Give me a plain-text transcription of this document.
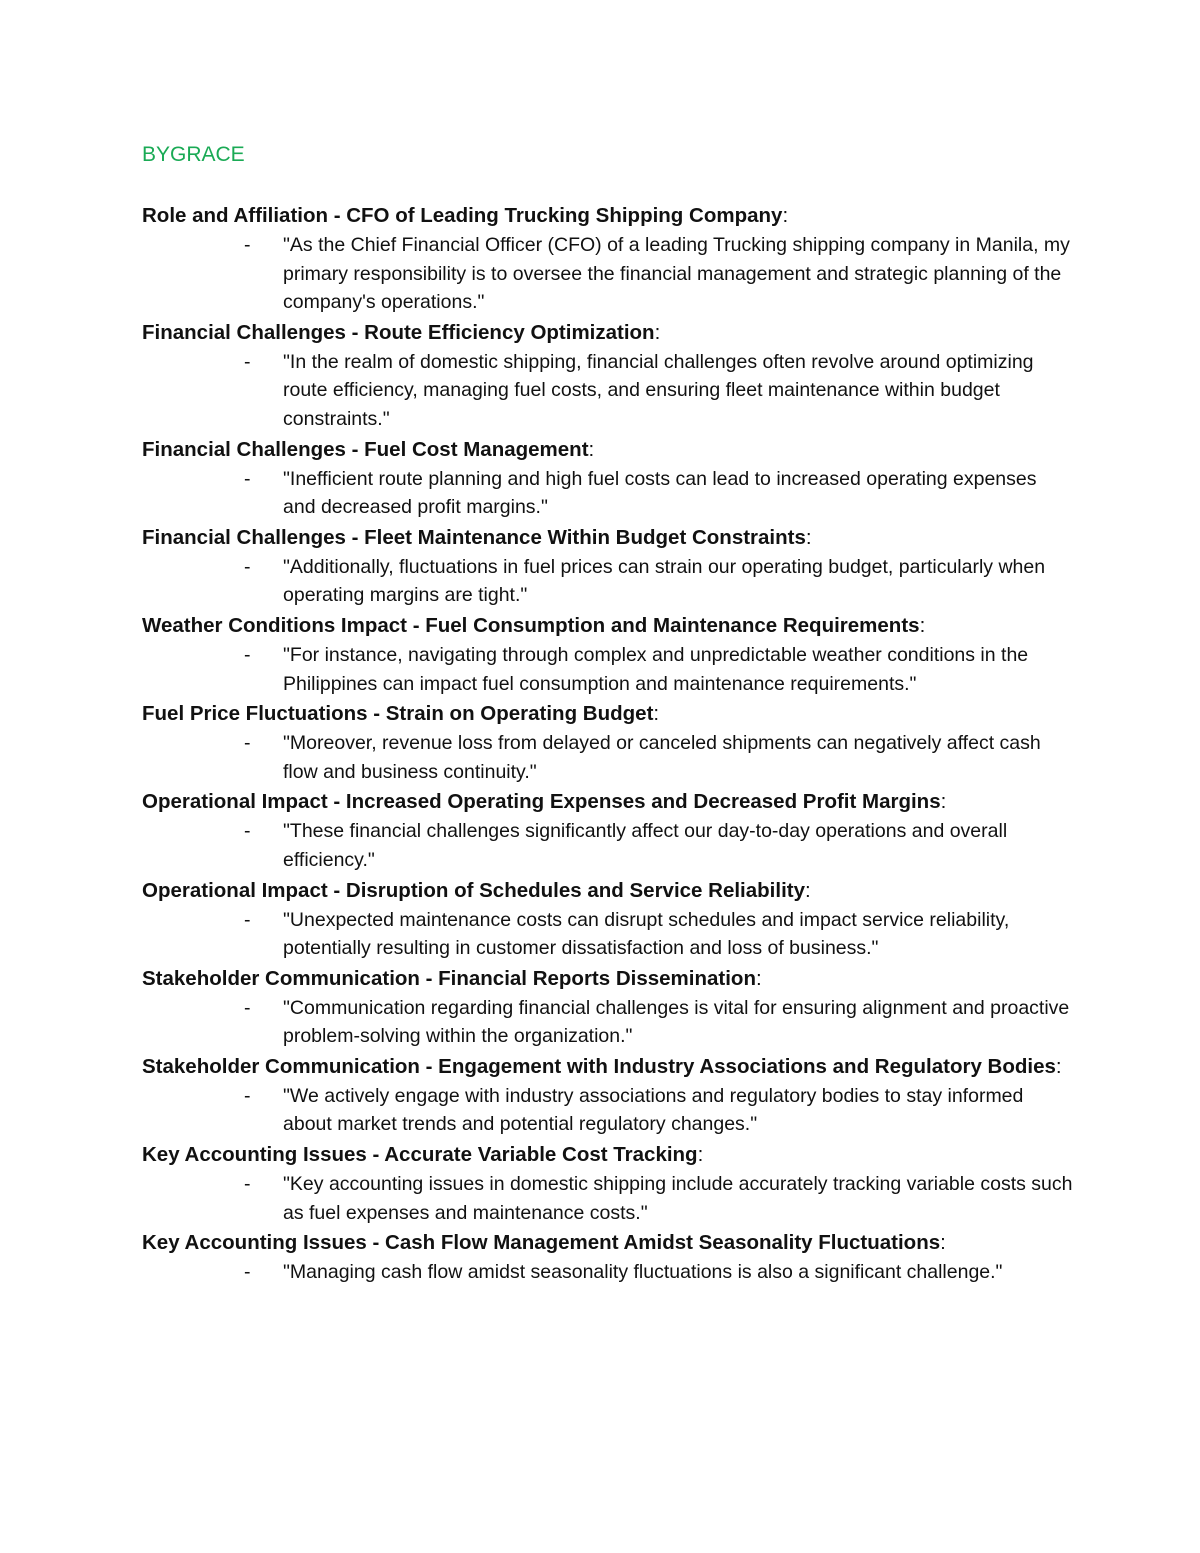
BYGRACE

Role and Affiliation - CFO of Leading Trucking Shipping Company:

- "As the Chief Financial Officer (CFO) of a leading Trucking shipping company in Manila, my primary responsibility is to oversee the financial management and strategic planning of the company's operations."

Financial Challenges - Route Efficiency Optimization:

- "In the realm of domestic shipping, financial challenges often revolve around optimizing route efficiency, managing fuel costs, and ensuring fleet maintenance within budget constraints."

Financial Challenges - Fuel Cost Management:

- "Inefficient route planning and high fuel costs can lead to increased operating expenses and decreased profit margins."

Financial Challenges - Fleet Maintenance Within Budget Constraints:

- "Additionally, fluctuations in fuel prices can strain our operating budget, particularly when operating margins are tight."

Weather Conditions Impact - Fuel Consumption and Maintenance Requirements:

- "For instance, navigating through complex and unpredictable weather conditions in the Philippines can impact fuel consumption and maintenance requirements."

Fuel Price Fluctuations - Strain on Operating Budget:

- "Moreover, revenue loss from delayed or canceled shipments can negatively affect cash flow and business continuity."

Operational Impact - Increased Operating Expenses and Decreased Profit Margins:

- "These financial challenges significantly affect our day-to-day operations and overall efficiency."

Operational Impact - Disruption of Schedules and Service Reliability:

- "Unexpected maintenance costs can disrupt schedules and impact service reliability, potentially resulting in customer dissatisfaction and loss of business."

Stakeholder Communication - Financial Reports Dissemination:

- "Communication regarding financial challenges is vital for ensuring alignment and proactive problem-solving within the organization."

Stakeholder Communication - Engagement with Industry Associations and Regulatory Bodies:

- "We actively engage with industry associations and regulatory bodies to stay informed about market trends and potential regulatory changes."

Key Accounting Issues - Accurate Variable Cost Tracking:

- "Key accounting issues in domestic shipping include accurately tracking variable costs such as fuel expenses and maintenance costs."

Key Accounting Issues - Cash Flow Management Amidst Seasonality Fluctuations:

- "Managing cash flow amidst seasonality fluctuations is also a significant challenge."
